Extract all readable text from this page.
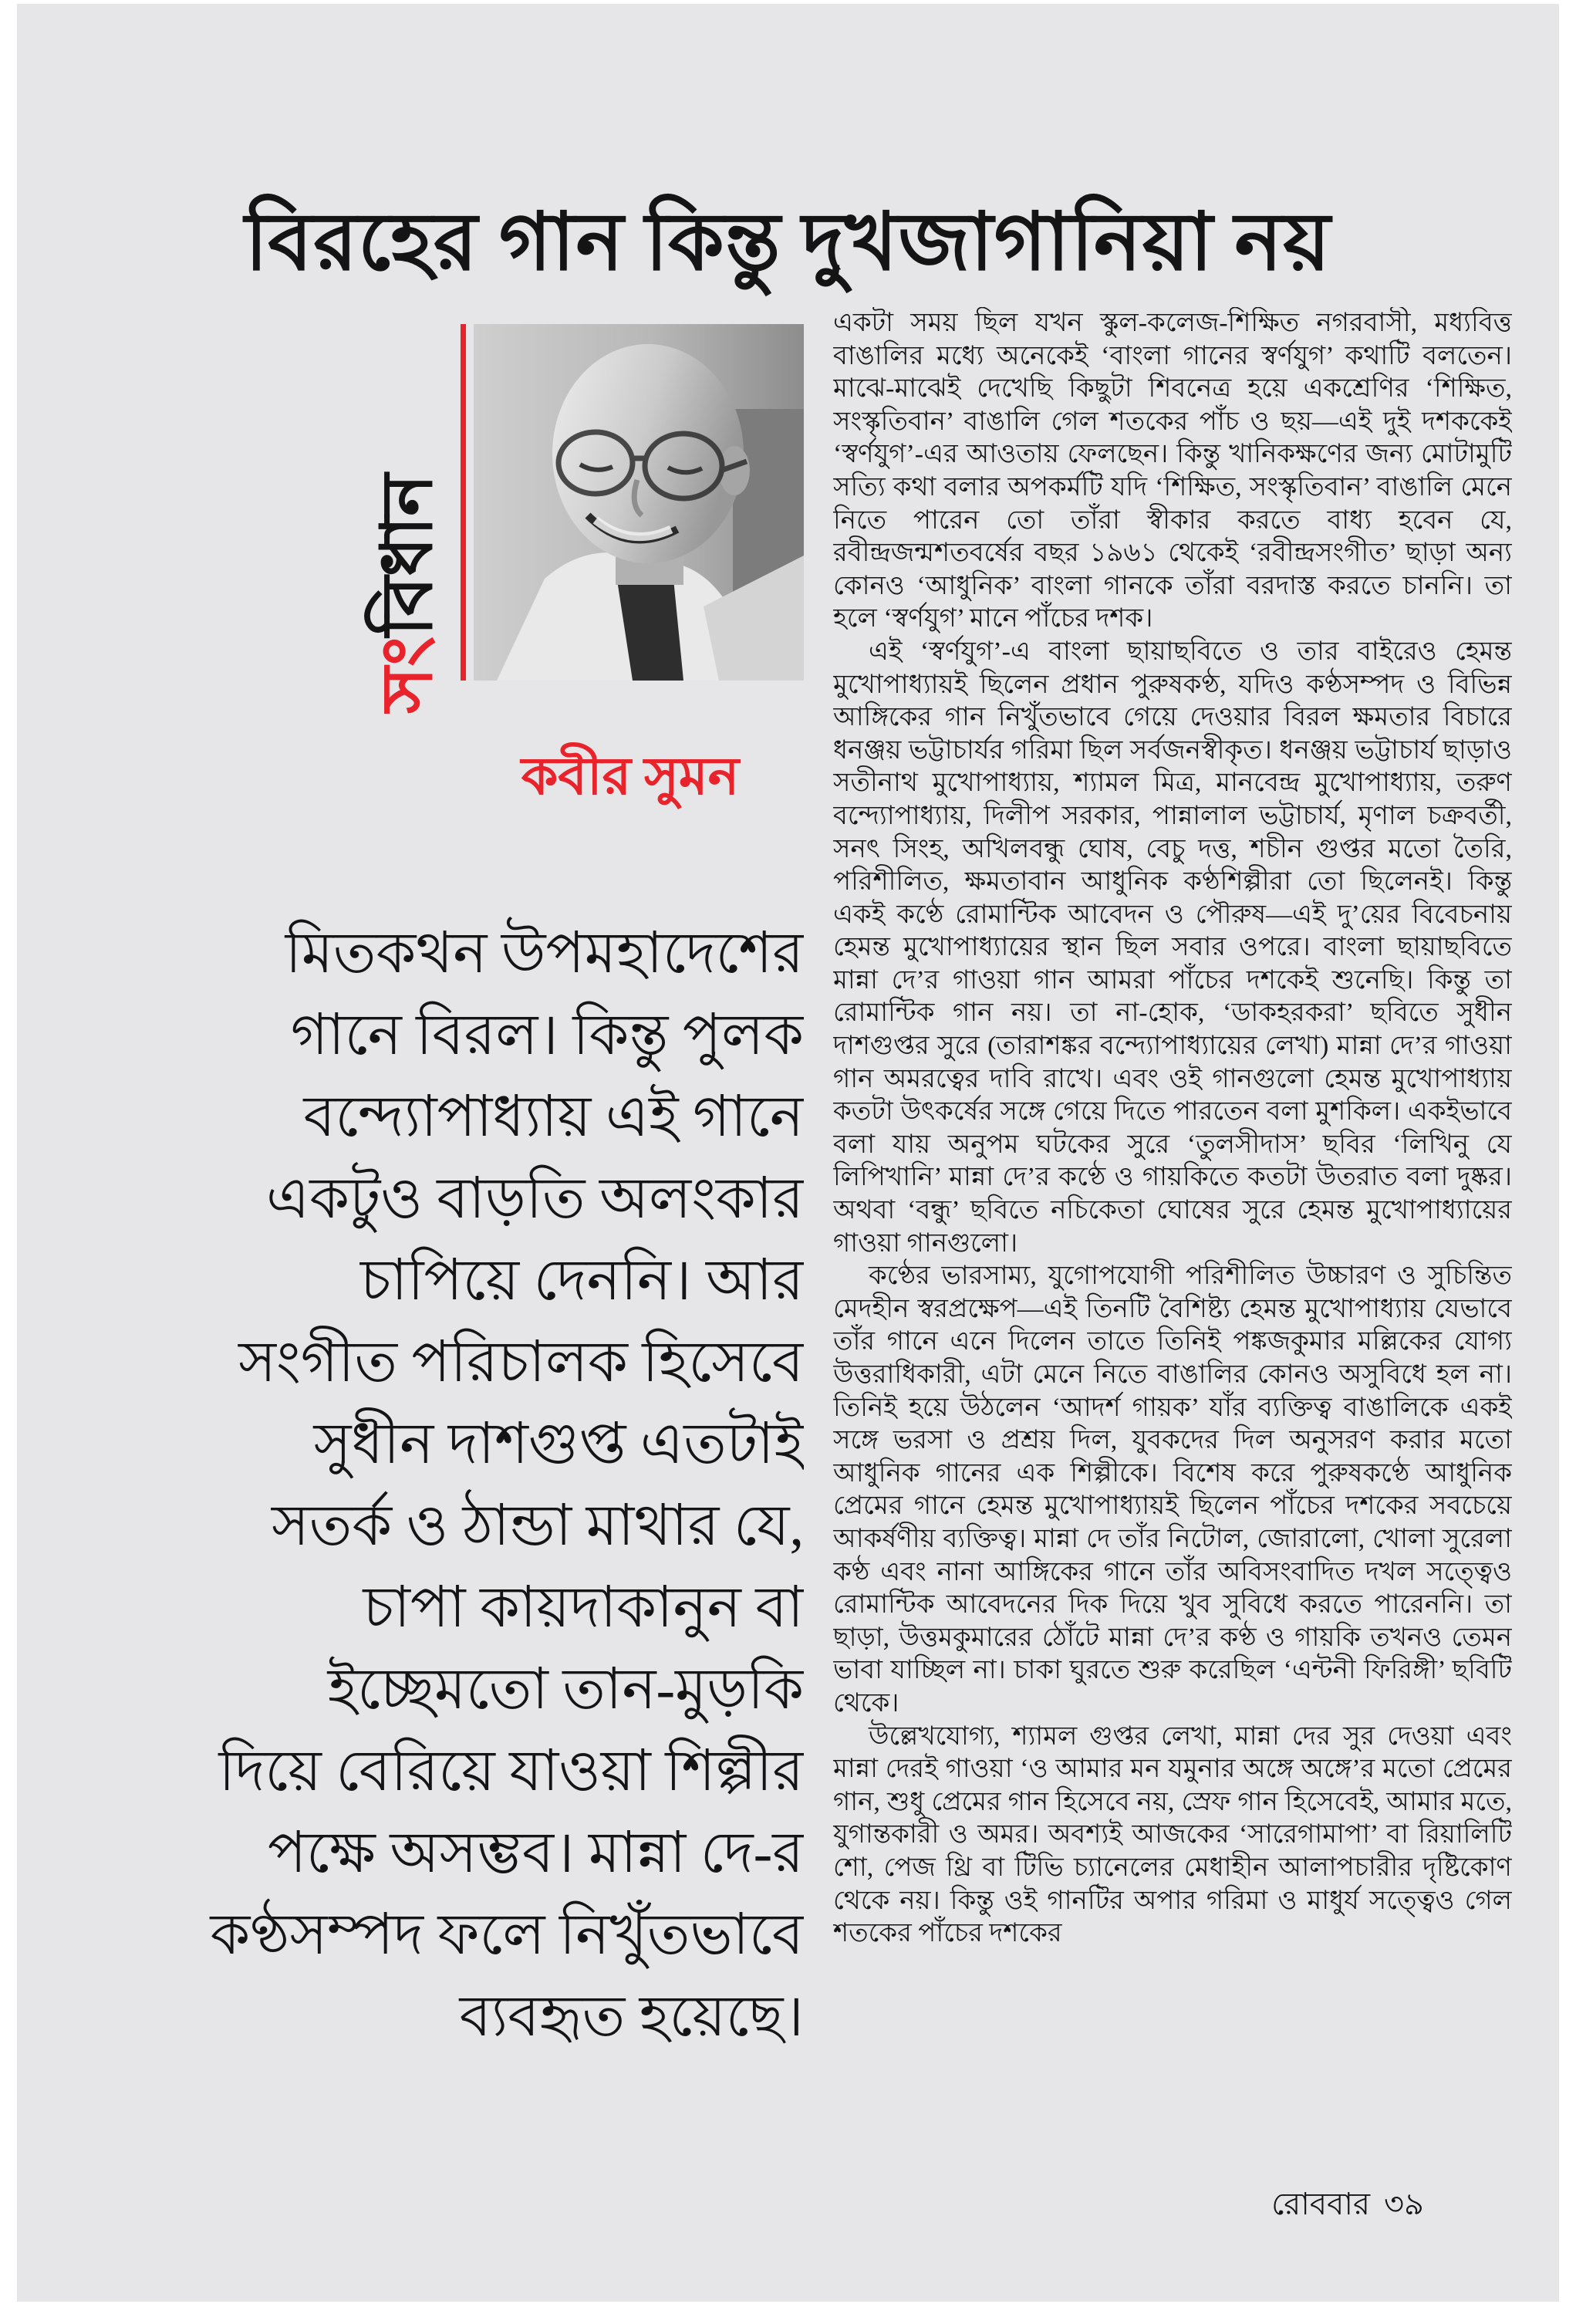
বিরহের গান কিন্তু দুখজাগানিয়া নয়
সংবিধান
কবীর সুমন
মিতকথন উপমহাদেশের
গানে বিরল। কিন্তু পুলক
বন্দ্যোপাধ্যায় এই গানে
একটুও বাড়তি অলংকার
চাপিয়ে দেননি। আর
সংগীত পরিচালক হিসেবে
সুধীন দাশগুপ্ত এতটাই
সতর্ক ও ঠান্ডা মাথার যে,
চাপা কায়দাকানুন বা
ইচ্ছেমতো তান-মুড়কি
দিয়ে বেরিয়ে যাওয়া শিল্পীর
পক্ষে অসম্ভব। মান্না দে-র
কণ্ঠসম্পদ ফলে নিখুঁতভাবে
ব্যবহৃত হয়েছে।

একটা সময় ছিল যখন স্কুল-কলেজ-শিক্ষিত নগরবাসী, মধ্যবিত্ত বাঙালির মধ্যে অনেকেই ‘বাংলা গানের স্বর্ণযুগ’ কথাটি বলতেন। মাঝে-মাঝেই দেখেছি কিছুটা শিবনেত্র হয়ে একশ্রেণির ‘শিক্ষিত, সংস্কৃতিবান’ বাঙালি গেল শতকের পাঁচ ও ছয়—এই দুই দশককেই ‘স্বর্ণযুগ’-এর আওতায় ফেলছেন। কিন্তু খানিকক্ষণের জন্য মোটামুটি সত্যি কথা বলার অপকর্মটি যদি ‘শিক্ষিত, সংস্কৃতিবান’ বাঙালি মেনে নিতে পারেন তো তাঁরা স্বীকার করতে বাধ্য হবেন যে, রবীন্দ্রজন্মশতবর্ষের বছর ১৯৬১ থেকেই ‘রবীন্দ্রসংগীত’ ছাড়া অন্য কোনও ‘আধুনিক’ বাংলা গানকে তাঁরা বরদাস্ত করতে চাননি। তা হলে ‘স্বর্ণযুগ’ মানে পাঁচের দশক।

এই ‘স্বর্ণযুগ’-এ বাংলা ছায়াছবিতে ও তার বাইরেও হেমন্ত মুখোপাধ্যায়ই ছিলেন প্রধান পুরুষকণ্ঠ, যদিও কণ্ঠসম্পদ ও বিভিন্ন আঙ্গিকের গান নিখুঁতভাবে গেয়ে দেওয়ার বিরল ক্ষমতার বিচারে ধনঞ্জয় ভট্টাচার্যর গরিমা ছিল সর্বজনস্বীকৃত। ধনঞ্জয় ভট্টাচার্য ছাড়াও সতীনাথ মুখোপাধ্যায়, শ্যামল মিত্র, মানবেন্দ্র মুখোপাধ্যায়, তরুণ বন্দ্যোপাধ্যায়, দিলীপ সরকার, পান্নালাল ভট্টাচার্য, মৃণাল চক্রবর্তী, সনৎ সিংহ, অখিলবন্ধু ঘোষ, বেচু দত্ত, শচীন গুপ্তর মতো তৈরি, পরিশীলিত, ক্ষমতাবান আধুনিক কণ্ঠশিল্পীরা তো ছিলেনই। কিন্তু একই কণ্ঠে রোমান্টিক আবেদন ও পৌরুষ—এই দু’য়ের বিবেচনায় হেমন্ত মুখোপাধ্যায়ের স্থান ছিল সবার ওপরে। বাংলা ছায়াছবিতে মান্না দে’র গাওয়া গান আমরা পাঁচের দশকেই শুনেছি। কিন্তু তা রোমান্টিক গান নয়। তা না-হোক, ‘ডাকহরকরা’ ছবিতে সুধীন দাশগুপ্তর সুরে (তারাশঙ্কর বন্দ্যোপাধ্যায়ের লেখা) মান্না দে’র গাওয়া গান অমরত্বের দাবি রাখে। এবং ওই গানগুলো হেমন্ত মুখোপাধ্যায় কতটা উৎকর্ষের সঙ্গে গেয়ে দিতে পারতেন বলা মুশকিল। একইভাবে বলা যায় অনুপম ঘটকের সুরে ‘তুলসীদাস’ ছবির ‘লিখিনু যে লিপিখানি’ মান্না দে’র কণ্ঠে ও গায়কিতে কতটা উতরাত বলা দুষ্কর। অথবা ‘বন্ধু’ ছবিতে নচিকেতা ঘোষের সুরে হেমন্ত মুখোপাধ্যায়ের গাওয়া গানগুলো।

কণ্ঠের ভারসাম্য, যুগোপযোগী পরিশীলিত উচ্চারণ ও সুচিন্তিত মেদহীন স্বরপ্রক্ষেপ—এই তিনটি বৈশিষ্ট্য হেমন্ত মুখোপাধ্যায় যেভাবে তাঁর গানে এনে দিলেন তাতে তিনিই পঙ্কজকুমার মল্লিকের যোগ্য উত্তরাধিকারী, এটা মেনে নিতে বাঙালির কোনও অসুবিধে হল না। তিনিই হয়ে উঠলেন ‘আদর্শ গায়ক’ যাঁর ব্যক্তিত্ব বাঙালিকে একই সঙ্গে ভরসা ও প্রশ্রয় দিল, যুবকদের দিল অনুসরণ করার মতো আধুনিক গানের এক শিল্পীকে। বিশেষ করে পুরুষকণ্ঠে আধুনিক প্রেমের গানে হেমন্ত মুখোপাধ্যায়ই ছিলেন পাঁচের দশকের সবচেয়ে আকর্ষণীয় ব্যক্তিত্ব। মান্না দে তাঁর নিটোল, জোরালো, খোলা সুরেলা কণ্ঠ এবং নানা আঙ্গিকের গানে তাঁর অবিসংবাদিত দখল সত্ত্বেও রোমান্টিক আবেদনের দিক দিয়ে খুব সুবিধে করতে পারেননি। তা ছাড়া, উত্তমকুমারের ঠোঁটে মান্না দে’র কণ্ঠ ও গায়কি তখনও তেমন ভাবা যাচ্ছিল না। চাকা ঘুরতে শুরু করেছিল ‘এন্টনী ফিরিঙ্গী’ ছবিটি থেকে।

উল্লেখযোগ্য, শ্যামল গুপ্তর লেখা, মান্না দের সুর দেওয়া এবং মান্না দেরই গাওয়া ‘ও আমার মন যমুনার অঙ্গে অঙ্গে’র মতো প্রেমের গান, শুধু প্রেমের গান হিসেবে নয়, স্রেফ গান হিসেবেই, আমার মতে, যুগান্তকারী ও অমর। অবশ্যই আজকের ‘সারেগামাপা’ বা রিয়ালিটি শো, পেজ থ্রি বা টিভি চ্যানেলের মেধাহীন আলাপচারীর দৃষ্টিকোণ থেকে নয়। কিন্তু ওই গানটির অপার গরিমা ও মাধুর্য সত্ত্বেও গেল শতকের পাঁচের দশকের

রোববার ৩৯
